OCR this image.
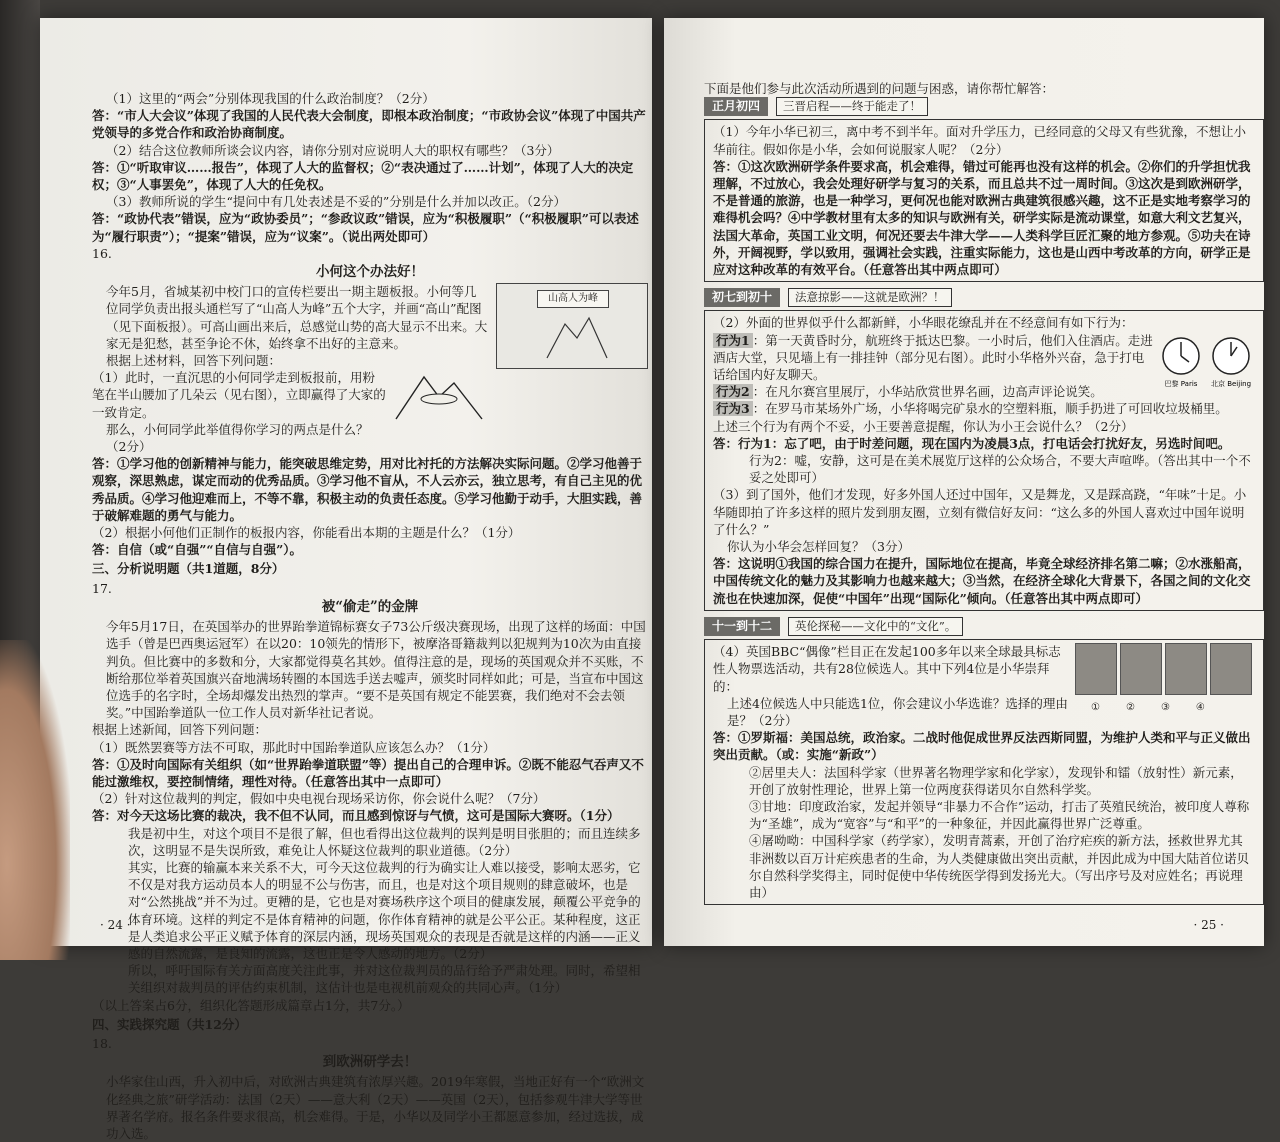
（1）这里的“两会”分别体现我国的什么政治制度？（2分）

答：“市人大会议”体现了我国的人民代表大会制度，即根本政治制度；“市政协会议”体现了中国共产党领导的多党合作和政治协商制度。

（2）结合这位教师所谈会议内容，请你分别对应说明人大的职权有哪些？（3分）

答：①“听取审议……报告”，体现了人大的监督权；②“表决通过了……计划”，体现了人大的决定权；③“人事罢免”，体现了人大的任免权。

（3）教师所说的学生“提问中有几处表述是不妥的”分别是什么并加以改正。（2分）

答：“政协代表”错误，应为“政协委员”；“参政议政”错误，应为“积极履职”（“积极履职”可以表述为“履行职责”）；“提案”错误，应为“议案”。（说出两处即可）

16.

小何这个办法好！

山高人为峰

今年5月，省城某初中校门口的宣传栏要出一期主题板报。小何等几位同学负责出报头通栏写了“山高人为峰”五个大字，并画“高山”配图（见下面板报）。可高山画出来后，总感觉山势的高大显示不出来。大家无是犯愁，甚至争论不休，始终拿不出好的主意来。

根据上述材料，回答下列问题：

（1）此时，一直沉思的小何同学走到板报前，用粉笔在半山腰加了几朵云（见右图），立即赢得了大家的一致肯定。

那么，小何同学此举值得你学习的两点是什么？（2分）

答：①学习他的创新精神与能力，能突破思维定势，用对比衬托的方法解决实际问题。②学习他善于观察，深思熟虑，谋定而动的优秀品质。③学习他不盲从，不人云亦云，独立思考，有自己主见的优秀品质。④学习他迎难而上，不等不靠，积极主动的负责任态度。⑤学习他勤于动手，大胆实践，善于破解难题的勇气与能力。

（2）根据小何他们正制作的板报内容，你能看出本期的主题是什么？（1分）

答：自信（或“自强”“自信与自强”）。

三、分析说明题（共1道题，8分）

17.

被“偷走”的金牌

今年5月17日，在英国举办的世界跆拳道锦标赛女子73公斤级决赛现场，出现了这样的场面：中国选手（曾是巴西奥运冠军）在以20：10领先的情形下，被摩洛哥籍裁判以犯规判为10次为由直接判负。但比赛中的多数和分，大家都觉得莫名其妙。值得注意的是，现场的英国观众并不买账，不断给那位举着英国旗兴奋地满场转圈的本国选手送去嘘声，颁奖时同样如此；可是，当宣布中国这位选手的名字时，全场却爆发出热烈的掌声。“要不是英国有规定不能罢赛，我们绝对不会去领奖。”中国跆拳道队一位工作人员对新华社记者说。

根据上述新闻，回答下列问题：

（1）既然罢赛等方法不可取，那此时中国跆拳道队应该怎么办？（1分）

答：①及时向国际有关组织（如“世界跆拳道联盟”等）提出自己的合理申诉。②既不能忍气吞声又不能过激维权，要控制情绪，理性对待。（任意答出其中一点即可）

（2）针对这位裁判的判定，假如中央电视台现场采访你，你会说什么呢？（7分）

答：对今天这场比赛的裁决，我不但不认同，而且感到惊讶与气愤，这可是国际大赛呀。（1分）

我是初中生，对这个项目不是很了解，但也看得出这位裁判的误判是明目张胆的；而且连续多次，这明显不是失误所致，难免让人怀疑这位裁判的职业道德。（2分）

其实，比赛的输赢本来关系不大，可今天这位裁判的行为确实让人难以接受，影响太恶劣，它不仅是对我方运动员本人的明显不公与伤害，而且，也是对这个项目规则的肆意破坏，也是对“公然挑战”并不为过。更糟的是，它也是对赛场秩序这个项目的健康发展，颠覆公平竞争的体育环境。这样的判定不是体育精神的问题，你作体育精神的就是公平公正。某种程度，这正是人类追求公平正义赋予体育的深层内涵，现场英国观众的表现是否就是这样的内涵——正义感的自然流露，是良知的流露，这也正是令人感动的地方。（2分）

所以，呼吁国际有关方面高度关注此事，并对这位裁判员的品行给予严肃处理。同时，希望相关组织对裁判员的评估约束机制，这估计也是电视机前观众的共同心声。（1分）

（以上答案占6分，组织化答题形成篇章占1分，共7分。）

四、实践探究题（共12分）

18.

到欧洲研学去！

小华家住山西，升入初中后，对欧洲古典建筑有浓厚兴趣。2019年寒假，当地正好有一个“欧洲文化经典之旅”研学活动：法国（2天）——意大利（2天）——英国（2天），包括参观牛津大学等世界著名学府。报名条件要求很高，机会难得。于是，小华以及同学小王都愿意参加，经过选拔，成功入选。

· 24 ·

下面是他们参与此次活动所遇到的问题与困惑，请你帮忙解答：

正月初四 三晋启程——终于能走了！

（1）今年小华已初三，离中考不到半年。面对升学压力，已经同意的父母又有些犹豫，不想让小华前往。假如你是小华，会如何说服家人呢？（2分）

答：①这次欧洲研学条件要求高，机会难得，错过可能再也没有这样的机会。②你们的升学担忧我理解，不过放心，我会处理好研学与复习的关系，而且总共不过一周时间。③这次是到欧洲研学，不是普通的旅游，也是一种学习，更何况也能对欧洲古典建筑很感兴趣，这不正是实地考察学习的难得机会吗？④中学教材里有太多的知识与欧洲有关，研学实际是流动课堂，如意大利文艺复兴，法国大革命，英国工业文明，何况还要去牛津大学——人类科学巨匠汇聚的地方参观。⑤功夫在诗外，开阔视野，学以致用，强调社会实践，注重实际能力，这也是山西中考改革的方向，研学正是应对这种改革的有效平台。（任意答出其中两点即可）

初七到初十 法意掠影——这就是欧洲？！

（2）外面的世界似乎什么都新鲜，小华眼花缭乱并在不经意间有如下行为：

巴黎 Paris 北京 Beijing

行为1 ：第一天黄昏时分，航班终于抵达巴黎。一小时后，他们入住酒店。走进酒店大堂，只见墙上有一排挂钟（部分见右图）。此时小华格外兴奋，急于打电话给国内好友聊天。

行为2 ：在凡尔赛宫里展厅，小华站欣赏世界名画，边高声评论说笑。

行为3 ：在罗马市某场外广场，小华将喝完矿泉水的空塑料瓶，顺手扔进了可回收垃圾桶里。

上述三个行为有两个不妥，小王要善意提醒，你认为小王会说什么？（2分）

答：行为1：忘了吧，由于时差问题，现在国内为凌晨3点，打电话会打扰好友，另选时间吧。

行为2：嘘，安静，这可是在美术展览厅这样的公众场合，不要大声喧哗。（答出其中一个不妥之处即可）

（3）到了国外，他们才发现，好多外国人还过中国年，又是舞龙，又是踩高跷，“年味”十足。小华随即拍了许多这样的照片发到朋友圈，立刻有微信好友问：“这么多的外国人喜欢过中国年说明了什么？”

你认为小华会怎样回复？（3分）

答：这说明①我国的综合国力在提升，国际地位在提高，毕竟全球经济排名第二嘛；②水涨船高，中国传统文化的魅力及其影响力也越来越大；③当然，在经济全球化大背景下，各国之间的文化交流也在快速加深，促使“中国年”出现“国际化”倾向。（任意答出其中两点即可）

十一到十二 英伦探秘——文化中的“文化”。

①②③④

（4）英国BBC“偶像”栏目正在发起100多年以来全球最具标志性人物票选活动，共有28位候选人。其中下列4位是小华崇拜的：

上述4位候选人中只能选1位，你会建议小华选谁？选择的理由是？（2分）

答：①罗斯福：美国总统，政治家。二战时他促成世界反法西斯同盟，为维护人类和平与正义做出突出贡献。（或：实施“新政”）

②居里夫人：法国科学家（世界著名物理学家和化学家），发现钋和镭（放射性）新元素，开创了放射性理论，世界上第一位两度获得诺贝尔自然科学奖。

③甘地：印度政治家，发起并领导“非暴力不合作”运动，打击了英殖民统治，被印度人尊称为“圣雄”，成为“宽容”与“和平”的一种象征，并因此赢得世界广泛尊重。

④屠呦呦：中国科学家（药学家），发明青蒿素，开创了治疗疟疾的新方法，拯救世界尤其非洲数以百万计疟疾患者的生命，为人类健康做出突出贡献，并因此成为中国大陆首位诺贝尔自然科学奖得主，同时促使中华传统医学得到发扬光大。（写出序号及对应姓名；再说理由）

· 25 ·
